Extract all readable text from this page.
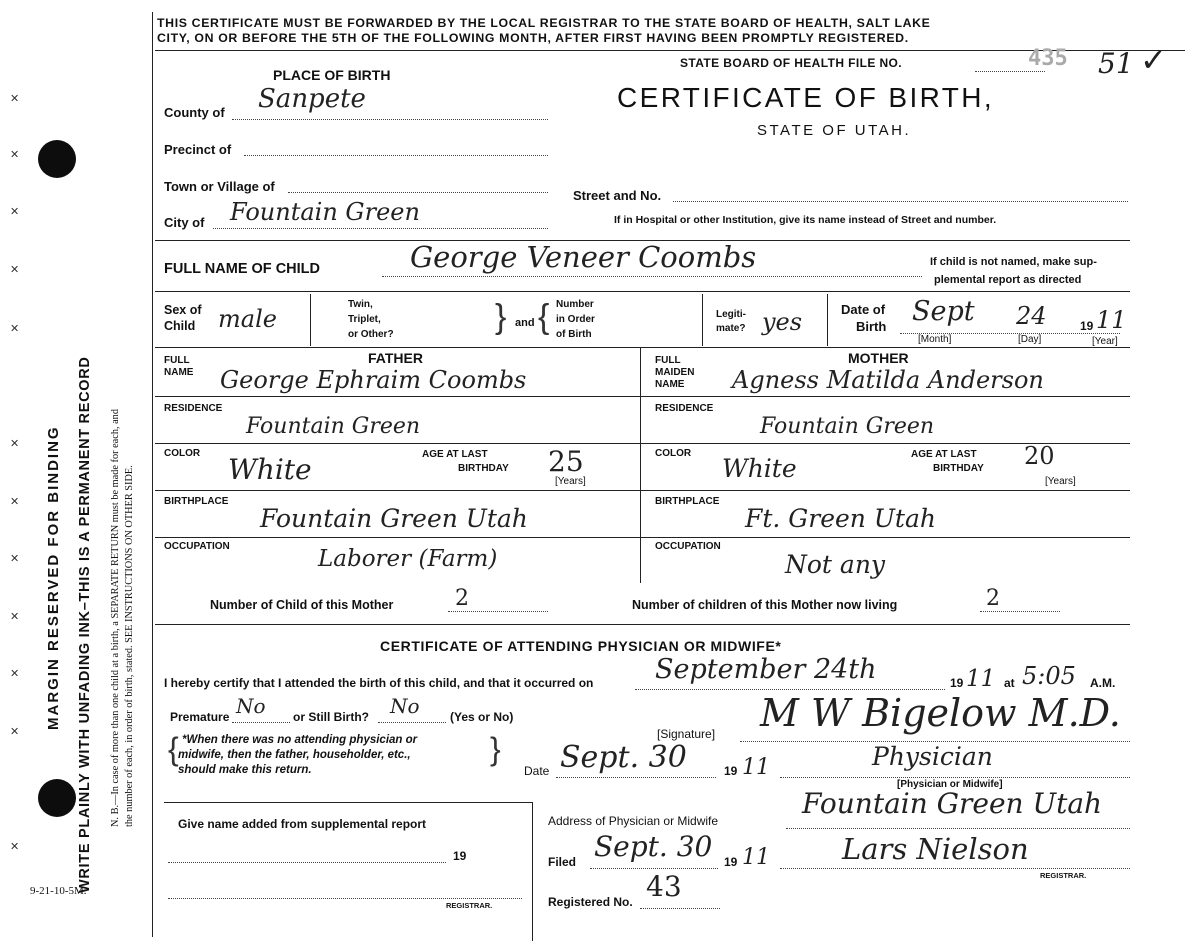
✕
✕
✕
✕
✕
✕
✕
✕
✕
✕
✕
✕
MARGIN RESERVED FOR BINDING WRITE PLAINLY WITH UNFADING INK–THIS IS A PERMANENT RECORD N. B.—In case of more than one child at a birth, a SEPARATE RETURN must be made for each, and the number of each, in order of birth, stated. SEE INSTRUCTIONS ON OTHER SIDE.
9-21-10-5M.
THIS CERTIFICATE MUST BE FORWARDED BY THE LOCAL REGISTRAR TO THE STATE BOARD OF HEALTH, SALT LAKE
CITY, ON OR BEFORE THE 5TH OF THE FOLLOWING MONTH, AFTER FIRST HAVING BEEN PROMPTLY REGISTERED.
STATE BOARD OF HEALTH FILE NO.	435 51 ✓
CERTIFICATE OF BIRTH,
STATE OF UTAH.
PLACE OF BIRTH
County of Sanpete
Precinct of
Town or Village of
City of Fountain Green
Street and No.
If in Hospital or other Institution, give its name instead of Street and number.
FULL NAME OF CHILD	George Veneer Coombs	If child is not named, make sup-
plemental report as directed
Sex of
Child male
Twin,
Triplet,
or Other?	} and { Number
in Order
of Birth
Legiti-
mate? yes	Date of
Birth Sept 24	19 11
[Month]	[Day]	[Year]
FATHER
FULL
NAME George Ephraim Coombs
RESIDENCE
Fountain Green
COLOR White	AGE AT LAST
BIRTHDAY 25
[Years]
BIRTHPLACE
Fountain Green Utah
OCCUPATION	Laborer (Farm)
MOTHER
FULL
MAIDEN
NAME Agness Matilda Anderson
RESIDENCE
Fountain Green
COLOR
White	AGE AT LAST
BIRTHDAY 20
[Years]
BIRTHPLACE
Ft. Green Utah
OCCUPATION
Not any
Number of Child of this Mother	2	Number of children of this Mother now living	2
CERTIFICATE OF ATTENDING PHYSICIAN OR MIDWIFE*
I hereby certify that I attended the birth of this child, and that it occurred on September 24th	19 11 at 5:05 A.M.
Premature No or Still Birth? No	(Yes or No)
{	}
*When there was no attending physician or
midwife, then the father, householder, etc.,
should make this return.
[Signature] M W Bigelow M.D.
Date Sept. 30	19 11	Physician
[Physician or Midwife]
Give name added from supplemental report
19
REGISTRAR.
Address of Physician or Midwife
Fountain Green Utah
Filed Sept. 30 19 11 Lars Nielson
REGISTRAR.
Registered No. 43
